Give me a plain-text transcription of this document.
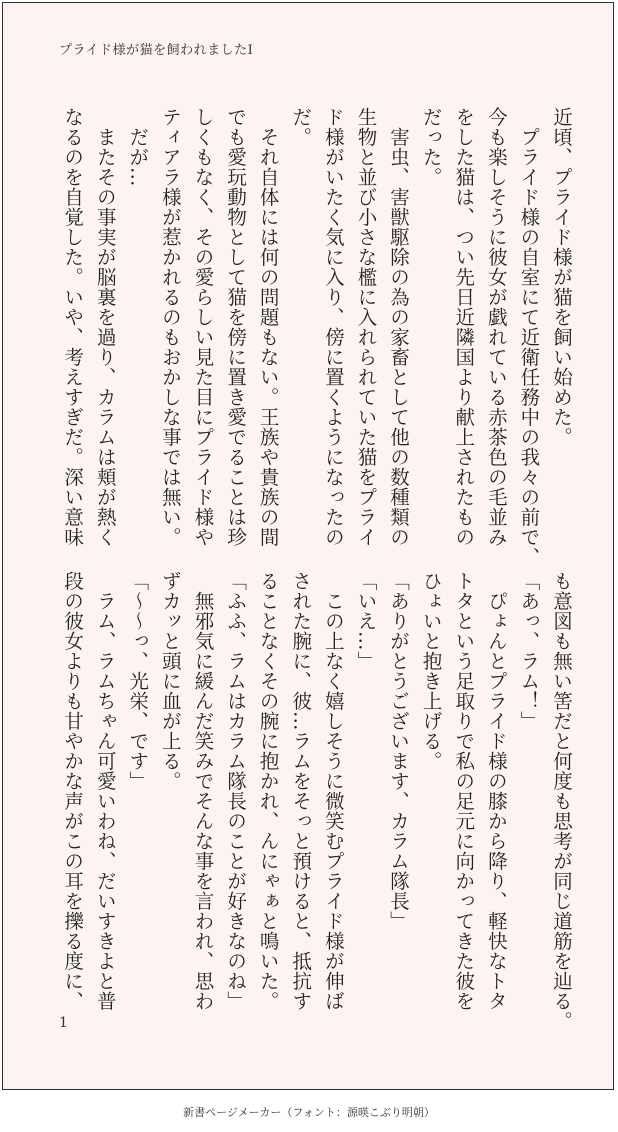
プライド様が猫を飼われましたⅠ
近頃、プライド様が猫を飼い始めた。
　プライド様の自室にて近衛任務中の我々の前で、
今も楽しそうに彼女が戯れている赤茶色の毛並み
をした猫は、つい先日近隣国より献上されたもの
だった。
　害虫、害獣駆除の為の家畜として他の数種類の
生物と並び小さな檻に入れられていた猫をプライ
ド様がいたく気に入り、傍に置くようになったの
だ。
　それ自体には何の問題もない。王族や貴族の間
でも愛玩動物として猫を傍に置き愛でることは珍
しくもなく、その愛らしい見た目にプライド様や
ティアラ様が惹かれるのもおかしな事では無い。
　だが…
　またその事実が脳裏を過り、カラムは頬が熱く
なるのを自覚した。いや、考えすぎだ。深い意味
も意図も無い筈だと何度も思考が同じ道筋を辿る。
「あっ、ラム！」
　ぴょんとプライド様の膝から降り、軽快なトタ
トタという足取りで私の足元に向かってきた彼を
ひょいと抱き上げる。
「ありがとうございます、カラム隊長」
「いえ…」
　この上なく嬉しそうに微笑むプライド様が伸ば
された腕に、彼…ラムをそっと預けると、抵抗す
ることなくその腕に抱かれ、んにゃぁと鳴いた。
「ふふ、ラムはカラム隊長のことが好きなのね」
　無邪気に緩んだ笑みでそんな事を言われ、思わ
ずカッと頭に血が上る。
「〜〜っ、光栄、です」
　ラム、ラムちゃん可愛いわね、だいすきよと普
段の彼女よりも甘やかな声がこの耳を擽る度に、
1
新書ページメーカー（フォント：源暎こぶり明朝）
